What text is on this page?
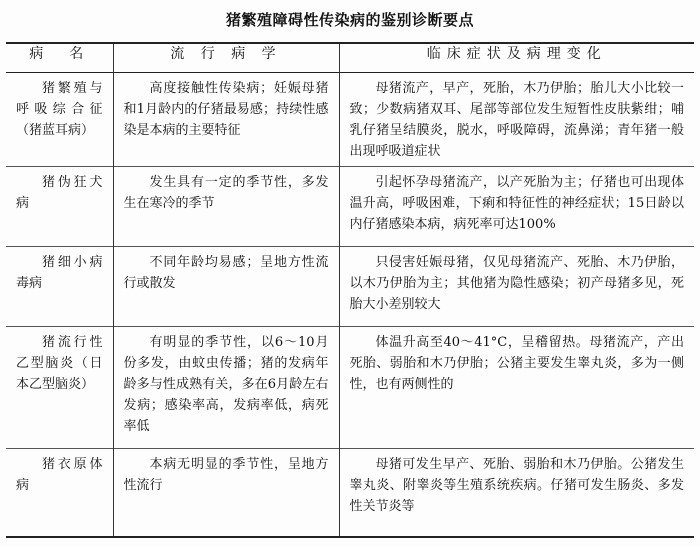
猪繁殖障碍性传染病的鉴别诊断要点
病　名	流 行 病 学	临床症状及病理变化
猪繁殖与呼吸综合征（猪蓝耳病）	高度接触性传染病；妊娠母猪和1月龄内的仔猪最易感；持续性感染是本病的主要特征	母猪流产，早产，死胎，木乃伊胎；胎儿大小比较一致；少数病猪双耳、尾部等部位发生短暂性皮肤紫绀；哺乳仔猪呈结膜炎，脱水，呼吸障碍，流鼻涕；青年猪一般出现呼吸道症状
猪伪狂犬病	发生具有一定的季节性，多发生在寒冷的季节	引起怀孕母猪流产，以产死胎为主；仔猪也可出现体温升高，呼吸困难，下痢和特征性的神经症状；15日龄以内仔猪感染本病，病死率可达100%
猪细小病毒病	不同年龄均易感；呈地方性流行或散发	只侵害妊娠母猪，仅见母猪流产、死胎、木乃伊胎，以木乃伊胎为主；其他猪为隐性感染；初产母猪多见，死胎大小差别较大
猪流行性乙型脑炎（日本乙型脑炎）	有明显的季节性，以6～10月份多发，由蚊虫传播；猪的发病年龄多与性成熟有关，多在6月龄左右发病；感染率高，发病率低，病死率低	体温升高至40～41°C，呈稽留热。母猪流产，产出死胎、弱胎和木乃伊胎；公猪主要发生睾丸炎，多为一侧性，也有两侧性的
猪衣原体病	本病无明显的季节性，呈地方性流行	母猪可发生早产、死胎、弱胎和木乃伊胎。公猪发生睾丸炎、附睾炎等生殖系统疾病。仔猪可发生肠炎、多发性关节炎等
